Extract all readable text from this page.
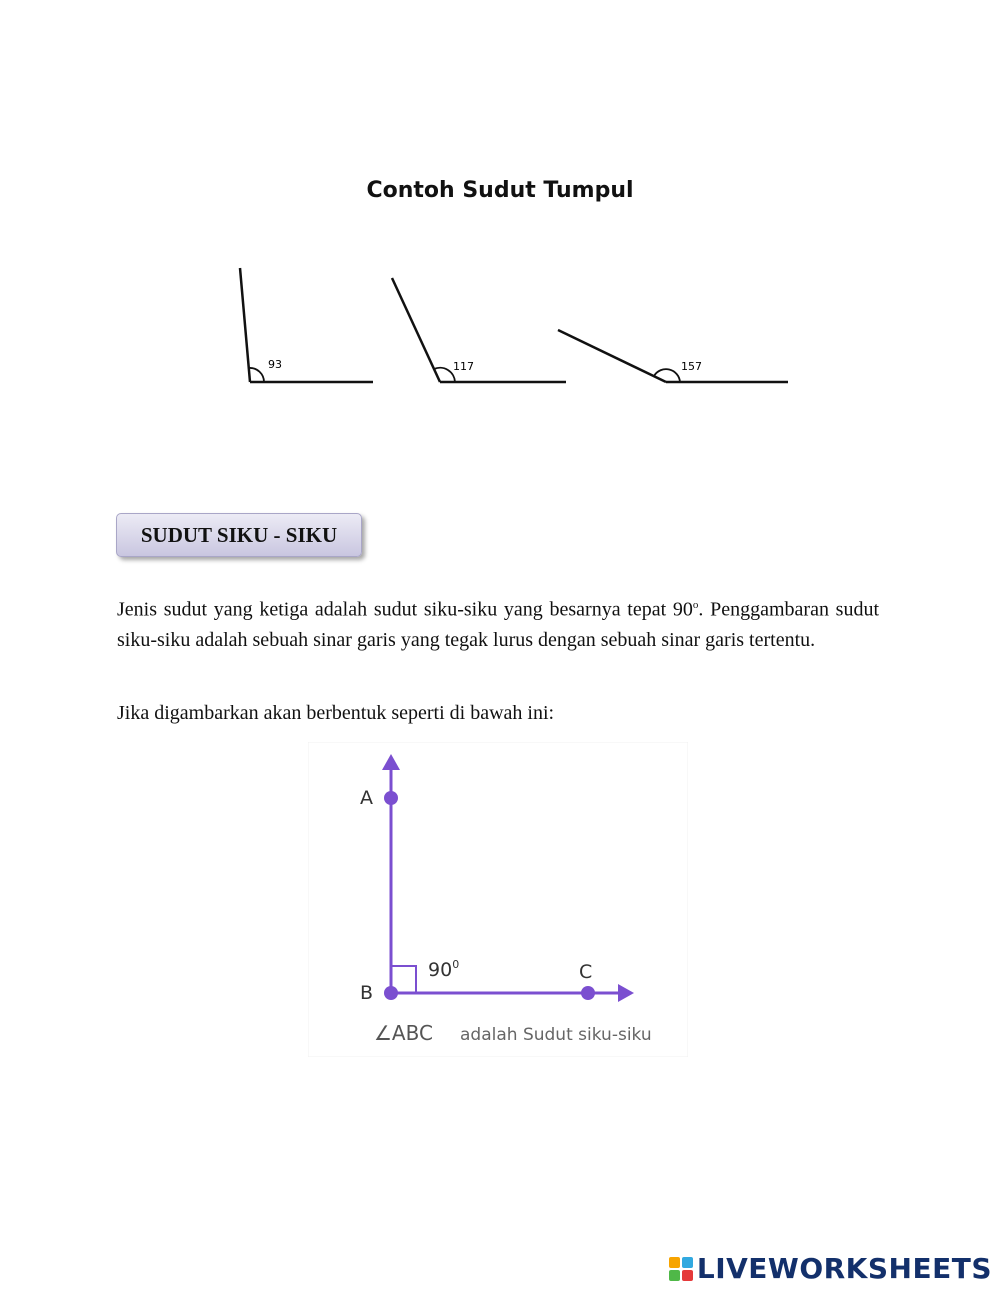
Contoh Sudut Tumpul
93	117	157
SUDUT SIKU - SIKU
Jenis sudut yang ketiga adalah sudut siku-siku yang besarnya tepat 90$^o$. Penggambaran sudut siku-siku adalah sebuah sinar garis yang tegak lurus dengan sebuah sinar garis tertentu.
Jika digambarkan akan berbentuk seperti di bawah ini:
A
B
C
$90^0$
∠ABC adalah Sudut siku-siku
LIVEWORKSHEETS
